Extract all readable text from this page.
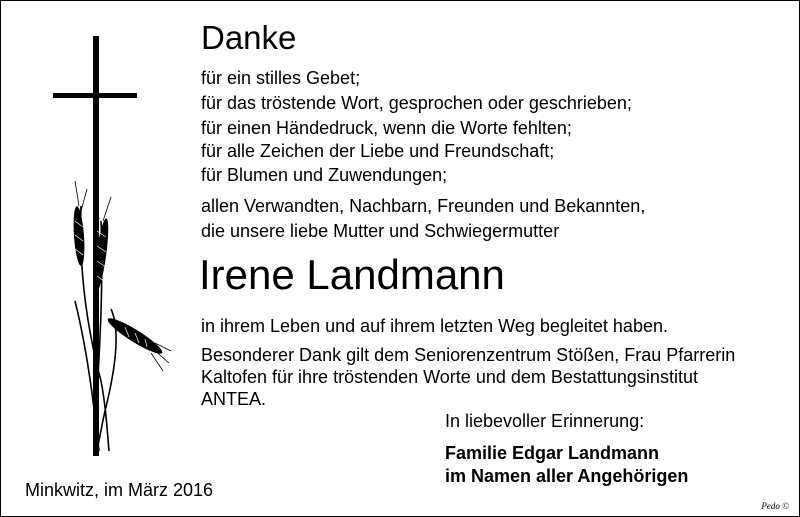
Danke
für ein stilles Gebet;
für das tröstende Wort, gesprochen oder geschrieben;
für einen Händedruck, wenn die Worte fehlten;
für alle Zeichen der Liebe und Freundschaft;
für Blumen und Zuwendungen;
allen Verwandten, Nachbarn, Freunden und Bekannten,
die unsere liebe Mutter und Schwiegermutter
Irene Landmann
in ihrem Leben und auf ihrem letzten Weg begleitet haben.
Besonderer Dank gilt dem Seniorenzentrum Stößen, Frau Pfarrerin
Kaltofen für ihre tröstenden Worte und dem Bestattungsinstitut
ANTEA.
In liebevoller Erinnerung:
Familie Edgar Landmann
im Namen aller Angehörigen
Minkwitz, im März 2016
Pedo ©
